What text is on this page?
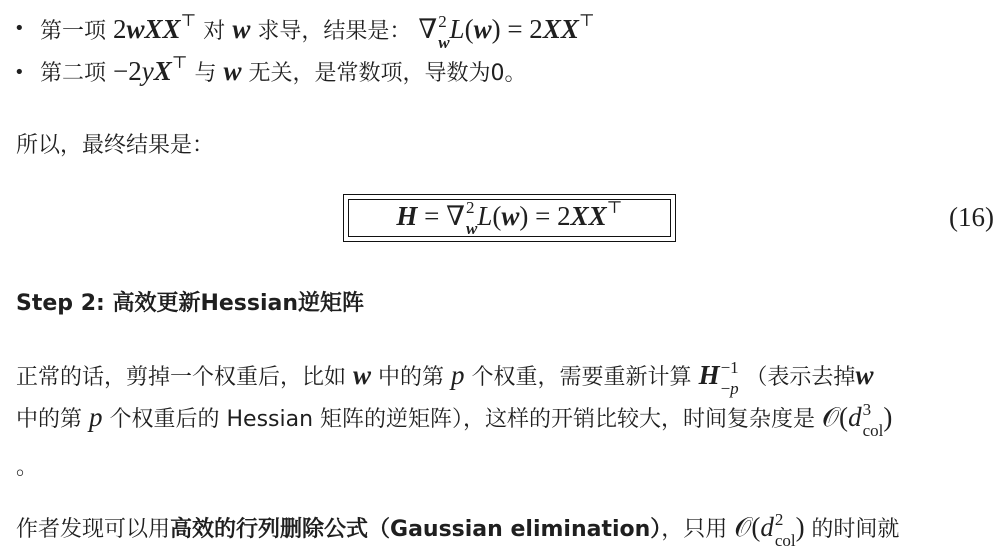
• 第一项 2wXX⊤ 对 w 求导，结果是： ∇ 2
w L(w) = 2XX⊤
• 第二项 −2yX⊤ 与 w 无关，是常数项，导数为0。
所以，最终结果是：
H = ∇ 2
w L(w) = 2XX⊤	(16)
Step 2: 高效更新Hessian逆矩阵
正常的话，剪掉一个权重后，比如 w 中的第 p 个权重，需要重新计算 H −1
−p （表示去掉w
中的第 p 个权重后的 Hessian 矩阵的逆矩阵），这样的开销比较大，时间复杂度是 𝒪(d 3
col )
。
作者发现可以用高效的行列删除公式（Gaussian elimination），只用 𝒪(d 2
col ) 的时间就
